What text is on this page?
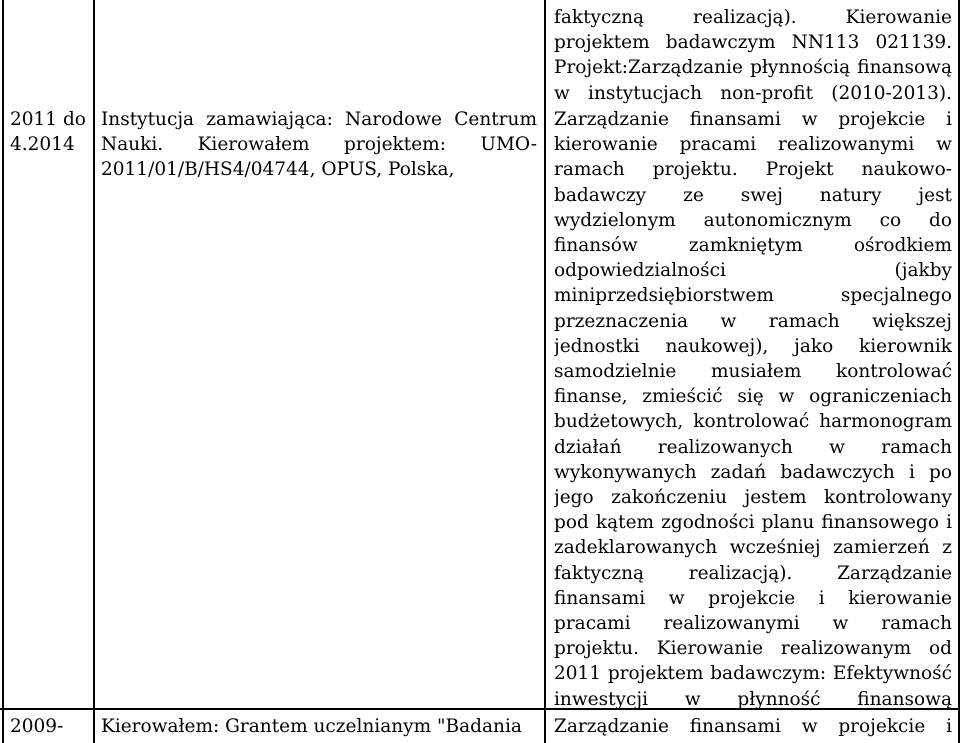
faktyczną realizacją). Kierowanie projektem badawczym NN113 021139. Projekt:Zarządzanie płynnością finansową w instytucjach non-profit (2010-2013).

2011 do 4.2014

Instytucja zamawiająca: Narodowe Centrum Nauki. Kierowałem projektem: UMO-2011/01/B/HS4/04744, OPUS, Polska,

Zarządzanie finansami w projekcie i kierowanie pracami realizowanymi w ramach projektu. Projekt naukowo-badawczy ze swej natury jest wydzielonym autonomicznym co do finansów zamkniętym ośrodkiem odpowiedzialności (jakby miniprzedsiębiorstwem specjalnego przeznaczenia w ramach większej jednostki naukowej), jako kierownik samodzielnie musiałem kontrolować finanse, zmieścić się w ograniczeniach budżetowych, kontrolować harmonogram działań realizowanych w ramach wykonywanych zadań badawczych i po jego zakończeniu jestem kontrolowany pod kątem zgodności planu finansowego i zadeklarowanych wcześniej zamierzeń z faktyczną realizacją). Zarządzanie finansami w projekcie i kierowanie pracami realizowanymi w ramach projektu. Kierowanie realizowanym od 2011 projektem badawczym: Efektywność inwestycji w płynność finansową

2009-	Kierowałem: Grantem uczelnianym "Badania	Zarządzanie finansami w projekcie i
